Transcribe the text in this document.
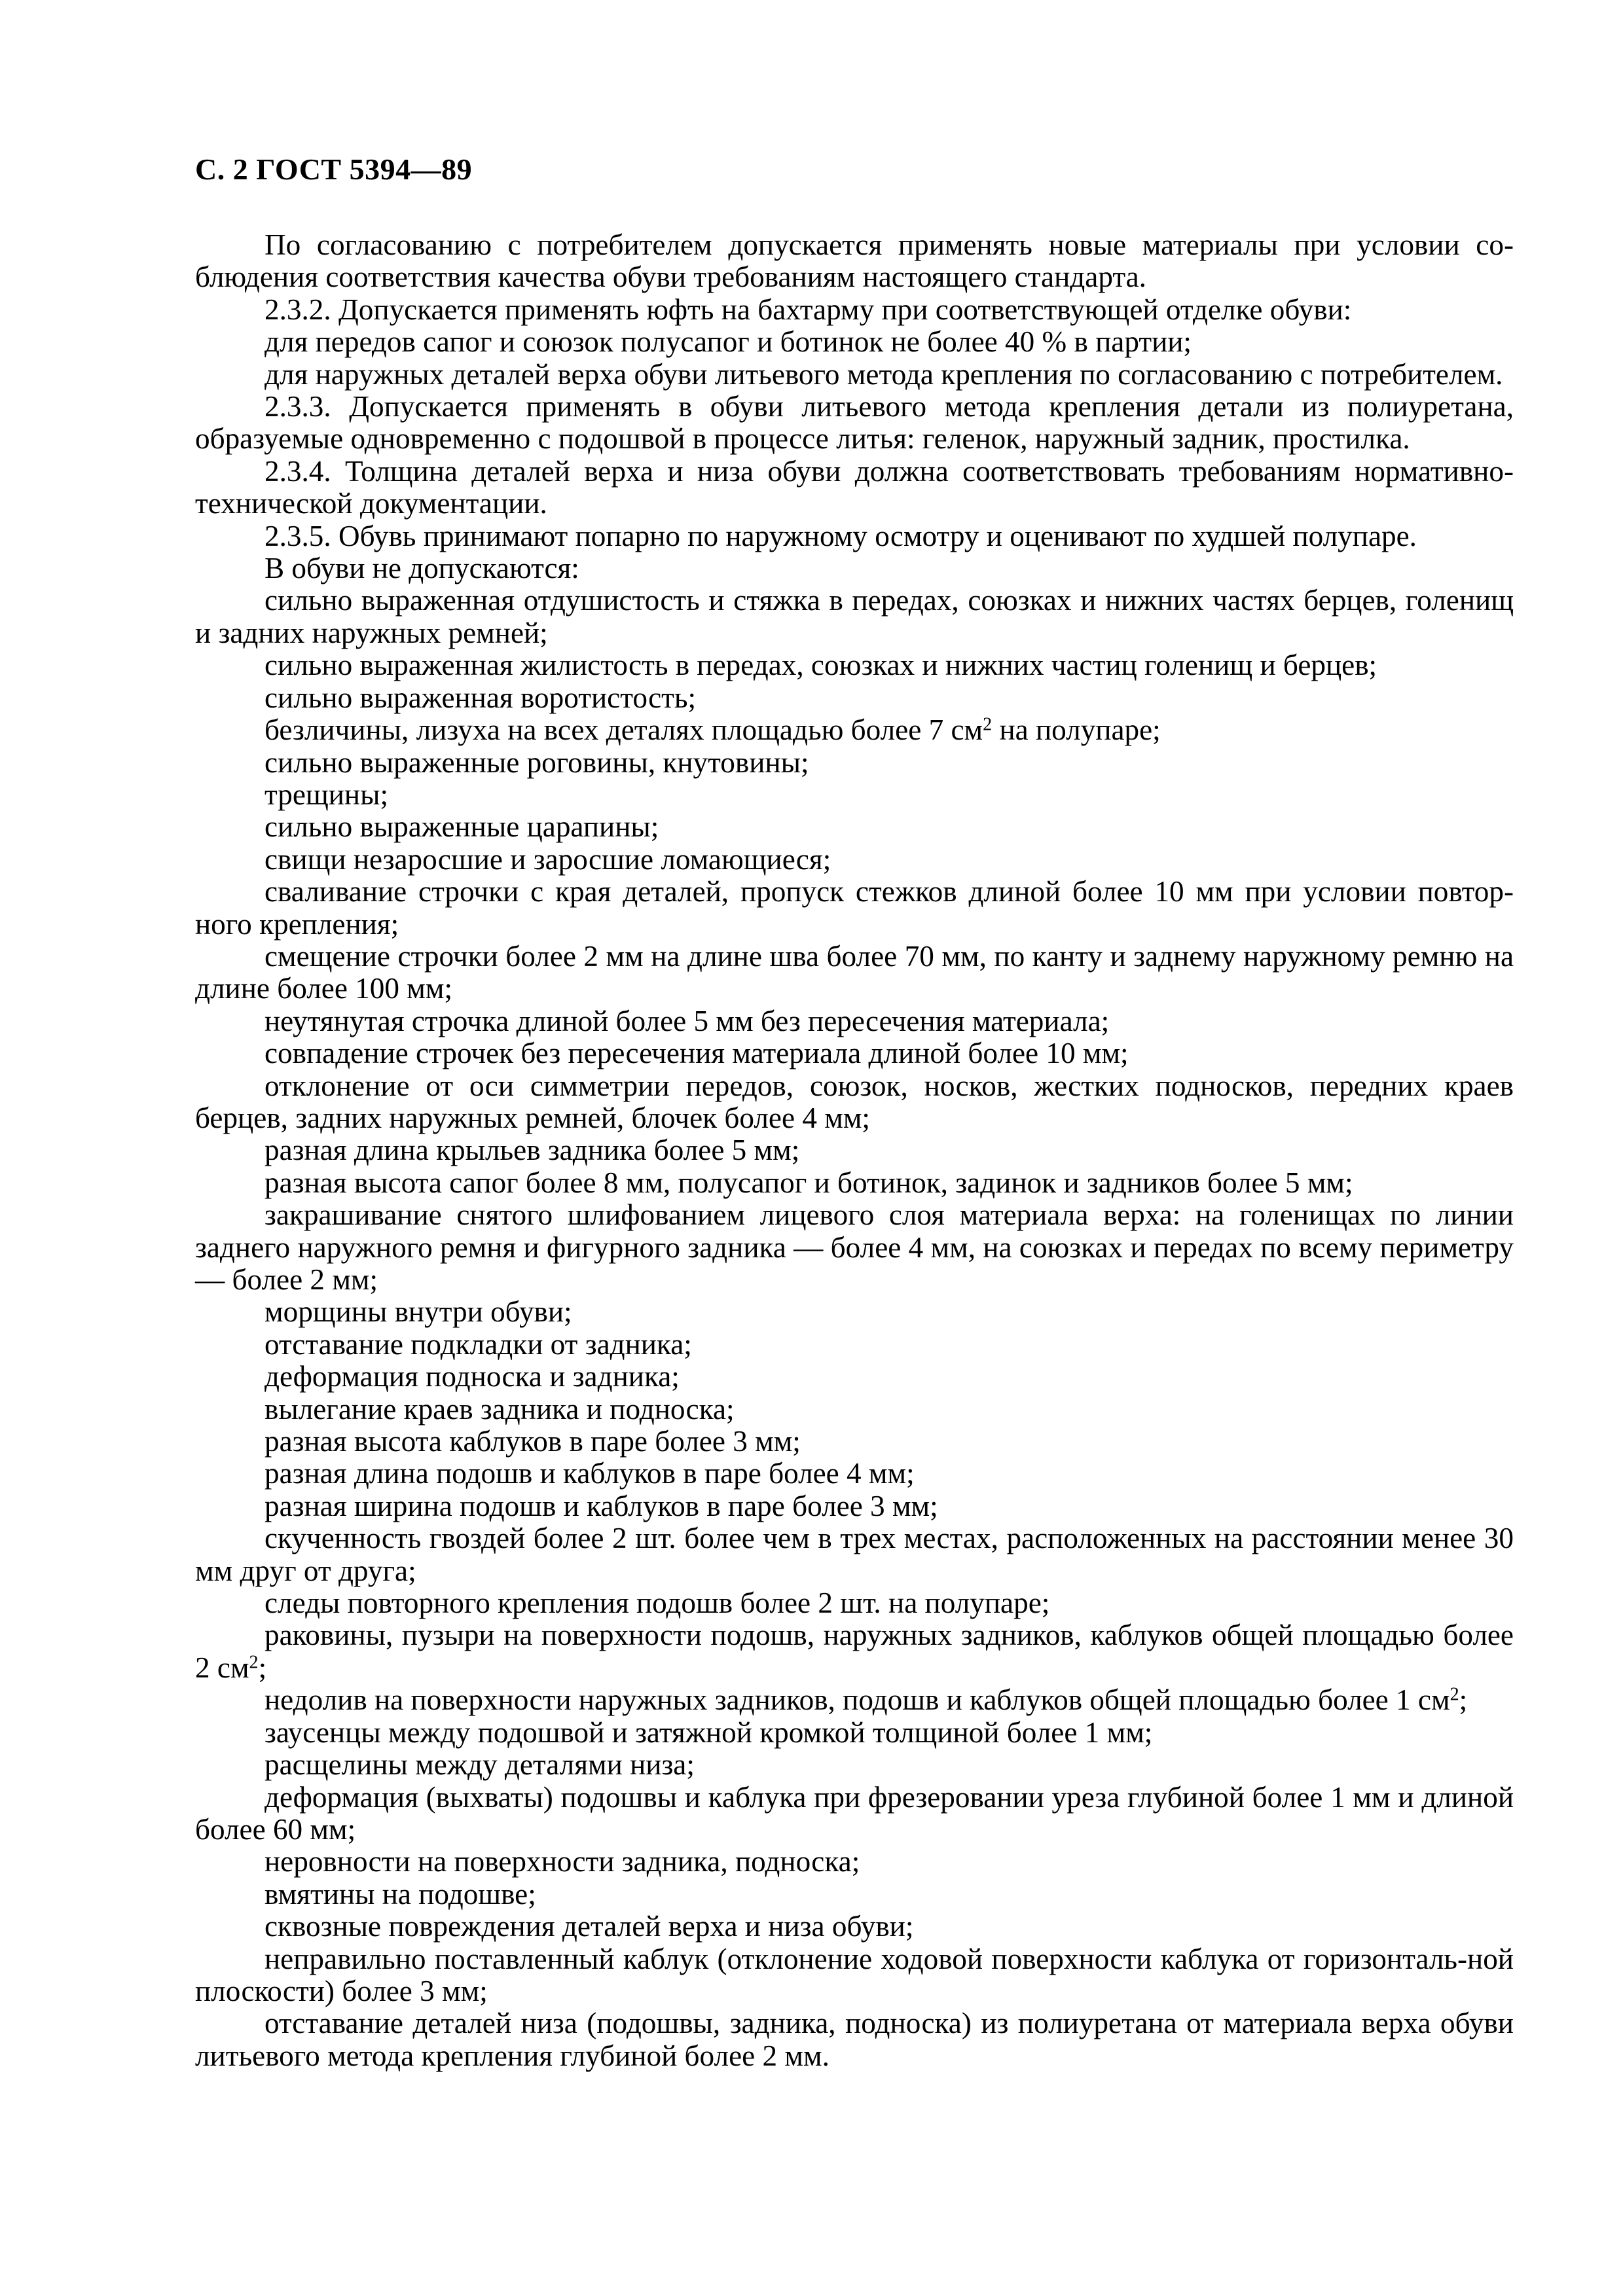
С. 2 ГОСТ 5394—89

По согласованию с потребителем допускается применять новые материалы при условии со-блюдения соответствия качества обуви требованиям настоящего стандарта.

2.3.2. Допускается применять юфть на бахтарму при соответствующей отделке обуви:

для передов сапог и союзок полусапог и ботинок не более 40 % в партии;

для наружных деталей верха обуви литьевого метода крепления по согласованию с потребителем.

2.3.3. Допускается применять в обуви литьевого метода крепления детали из полиуретана, образуемые одновременно с подошвой в процессе литья: геленок, наружный задник, простилка.

2.3.4. Толщина деталей верха и низа обуви должна соответствовать требованиям нормативно-технической документации.

2.3.5. Обувь принимают попарно по наружному осмотру и оценивают по худшей полупаре.

В обуви не допускаются:

сильно выраженная отдушистость и стяжка в передах, союзках и нижних частях берцев, голенищ и задних наружных ремней;

сильно выраженная жилистость в передах, союзках и нижних частиц голенищ и берцев;

сильно выраженная воротистость;

безличины, лизуха на всех деталях площадью более 7 $см^2$ на полупаре;

сильно выраженные роговины, кнутовины;

трещины;

сильно выраженные царапины;

свищи незаросшие и заросшие ломающиеся;

сваливание строчки с края деталей, пропуск стежков длиной более 10 мм при условии повтор-ного крепления;

смещение строчки более 2 мм на длине шва более 70 мм, по канту и заднему наружному ремню на длине более 100 мм;

неутянутая строчка длиной более 5 мм без пересечения материала;

совпадение строчек без пересечения материала длиной более 10 мм;

отклонение от оси симметрии передов, союзок, носков, жестких подносков, передних краев берцев, задних наружных ремней, блочек более 4 мм;

разная длина крыльев задника более 5 мм;

разная высота сапог более 8 мм, полусапог и ботинок, задинок и задников более 5 мм;

закрашивание снятого шлифованием лицевого слоя материала верха: на голенищах по линии заднего наружного ремня и фигурного задника — более 4 мм, на союзках и передах по всему периметру — более 2 мм;

морщины внутри обуви;

отставание подкладки от задника;

деформация подноска и задника;

вылегание краев задника и подноска;

разная высота каблуков в паре более 3 мм;

разная длина подошв и каблуков в паре более 4 мм;

разная ширина подошв и каблуков в паре более 3 мм;

скученность гвоздей более 2 шт. более чем в трех местах, расположенных на расстоянии менее 30 мм друг от друга;

следы повторного крепления подошв более 2 шт. на полупаре;

раковины, пузыри на поверхности подошв, наружных задников, каблуков общей площадью более 2 $см^2$;

недолив на поверхности наружных задников, подошв и каблуков общей площадью более 1 $см^2$;

заусенцы между подошвой и затяжной кромкой толщиной более 1 мм;

расщелины между деталями низа;

деформация (выхваты) подошвы и каблука при фрезеровании уреза глубиной более 1 мм и длиной более 60 мм;

неровности на поверхности задника, подноска;

вмятины на подошве;

сквозные повреждения деталей верха и низа обуви;

неправильно поставленный каблук (отклонение ходовой поверхности каблука от горизонталь-ной плоскости) более 3 мм;

отставание деталей низа (подошвы, задника, подноска) из полиуретана от материала верха обуви литьевого метода крепления глубиной более 2 мм.
